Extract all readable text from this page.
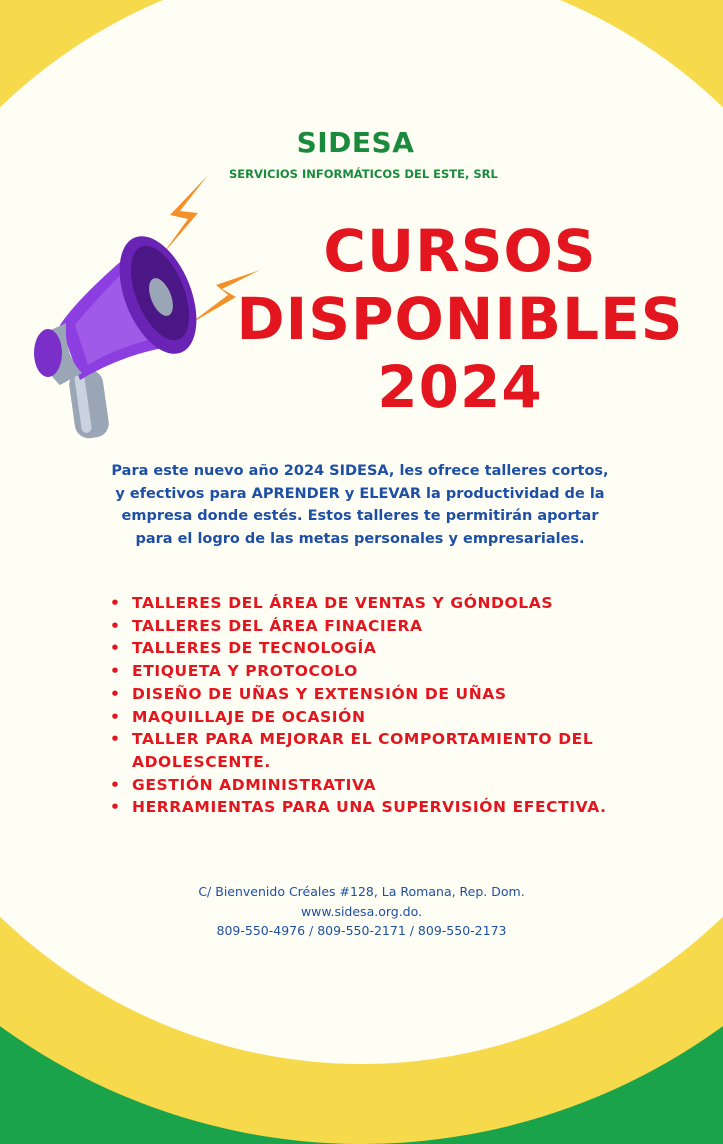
SIDESA
SERVICIOS INFORMÁTICOS DEL ESTE, SRL
CURSOS
DISPONIBLES
2024
Para este nuevo año 2024 SIDESA, les ofrece talleres cortos, y efectivos para APRENDER y ELEVAR la productividad de la empresa donde estés. Estos talleres te permitirán aportar para el logro de las metas personales y empresariales.
• TALLERES DEL ÁREA DE VENTAS Y GÓNDOLAS
• TALLERES DEL ÁREA FINACIERA
• TALLERES DE TECNOLOGÍA
• ETIQUETA Y PROTOCOLO
• DISEÑO DE UÑAS Y EXTENSIÓN DE UÑAS
• MAQUILLAJE DE OCASIÓN
• TALLER PARA MEJORAR EL COMPORTAMIENTO DEL ADOLESCENTE.
• GESTIÓN ADMINISTRATIVA
• HERRAMIENTAS PARA UNA SUPERVISIÓN EFECTIVA.
C/ Bienvenido Créales #128, La Romana, Rep. Dom.
www.sidesa.org.do.
809-550-4976 / 809-550-2171 / 809-550-2173
